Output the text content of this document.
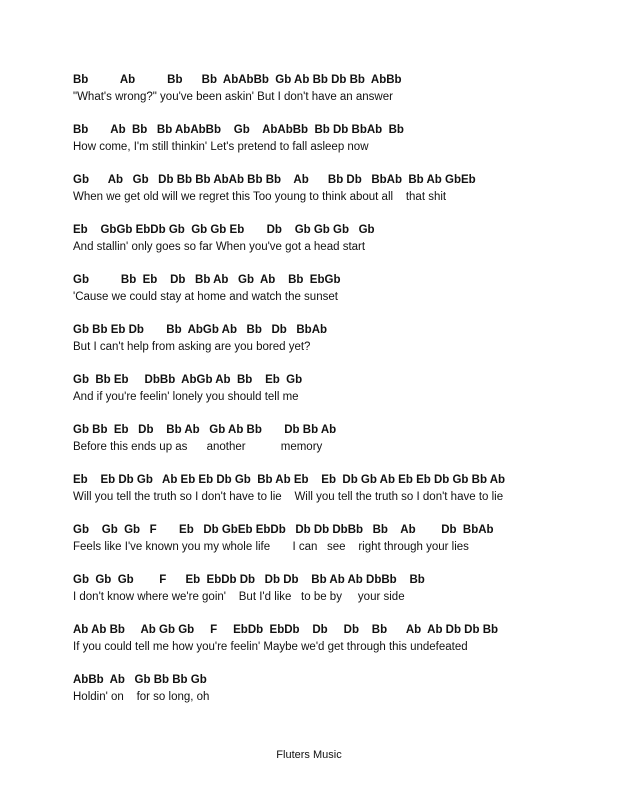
Bb          Ab          Bb      Bb  AbAbBb  Gb Ab Bb Db Bb  AbBb
"What's wrong?" you've been askin' But I don't have an answer
Bb       Ab  Bb   Bb AbAbBb    Gb    AbAbBb  Bb Db BbAb  Bb
How come, I'm still thinkin' Let's pretend to fall asleep now
Gb      Ab   Gb   Db Bb Bb AbAb Bb Bb    Ab      Bb Db   BbAb  Bb Ab GbEb
When we get old will we regret this Too young to think about all    that shit
Eb    GbGb EbDb Gb  Gb Gb Eb       Db    Gb Gb Gb   Gb
And stallin' only goes so far When you've got a head start
Gb          Bb  Eb    Db   Bb Ab   Gb  Ab    Bb  EbGb
'Cause we could stay at home and watch the sunset
Gb Bb Eb Db       Bb  AbGb Ab   Bb   Db   BbAb
But I can't help from asking are you bored yet?
Gb  Bb Eb     DbBb  AbGb Ab  Bb    Eb  Gb
And if you're feelin' lonely you should tell me
Gb Bb  Eb   Db    Bb Ab   Gb Ab Bb       Db Bb Ab
Before this ends up as      another           memory
Eb    Eb Db Gb   Ab Eb Eb Db Gb  Bb Ab Eb    Eb  Db Gb Ab Eb Eb Db Gb Bb Ab
Will you tell the truth so I don't have to lie    Will you tell the truth so I don't have to lie
Gb    Gb  Gb   F       Eb   Db GbEb EbDb   Db Db DbBb   Bb    Ab        Db  BbAb
Feels like I've known you my whole life       I can   see    right through your lies
Gb  Gb  Gb        F      Eb  EbDb Db   Db Db    Bb Ab Ab DbBb    Bb
I don't know where we're goin'    But I'd like   to be by     your side
Ab Ab Bb     Ab Gb Gb     F     EbDb  EbDb    Db     Db    Bb      Ab  Ab Db Db Bb
If you could tell me how you're feelin' Maybe we'd get through this undefeated
AbBb  Ab   Gb Bb Bb Gb
Holdin' on    for so long, oh
Fluters Music
